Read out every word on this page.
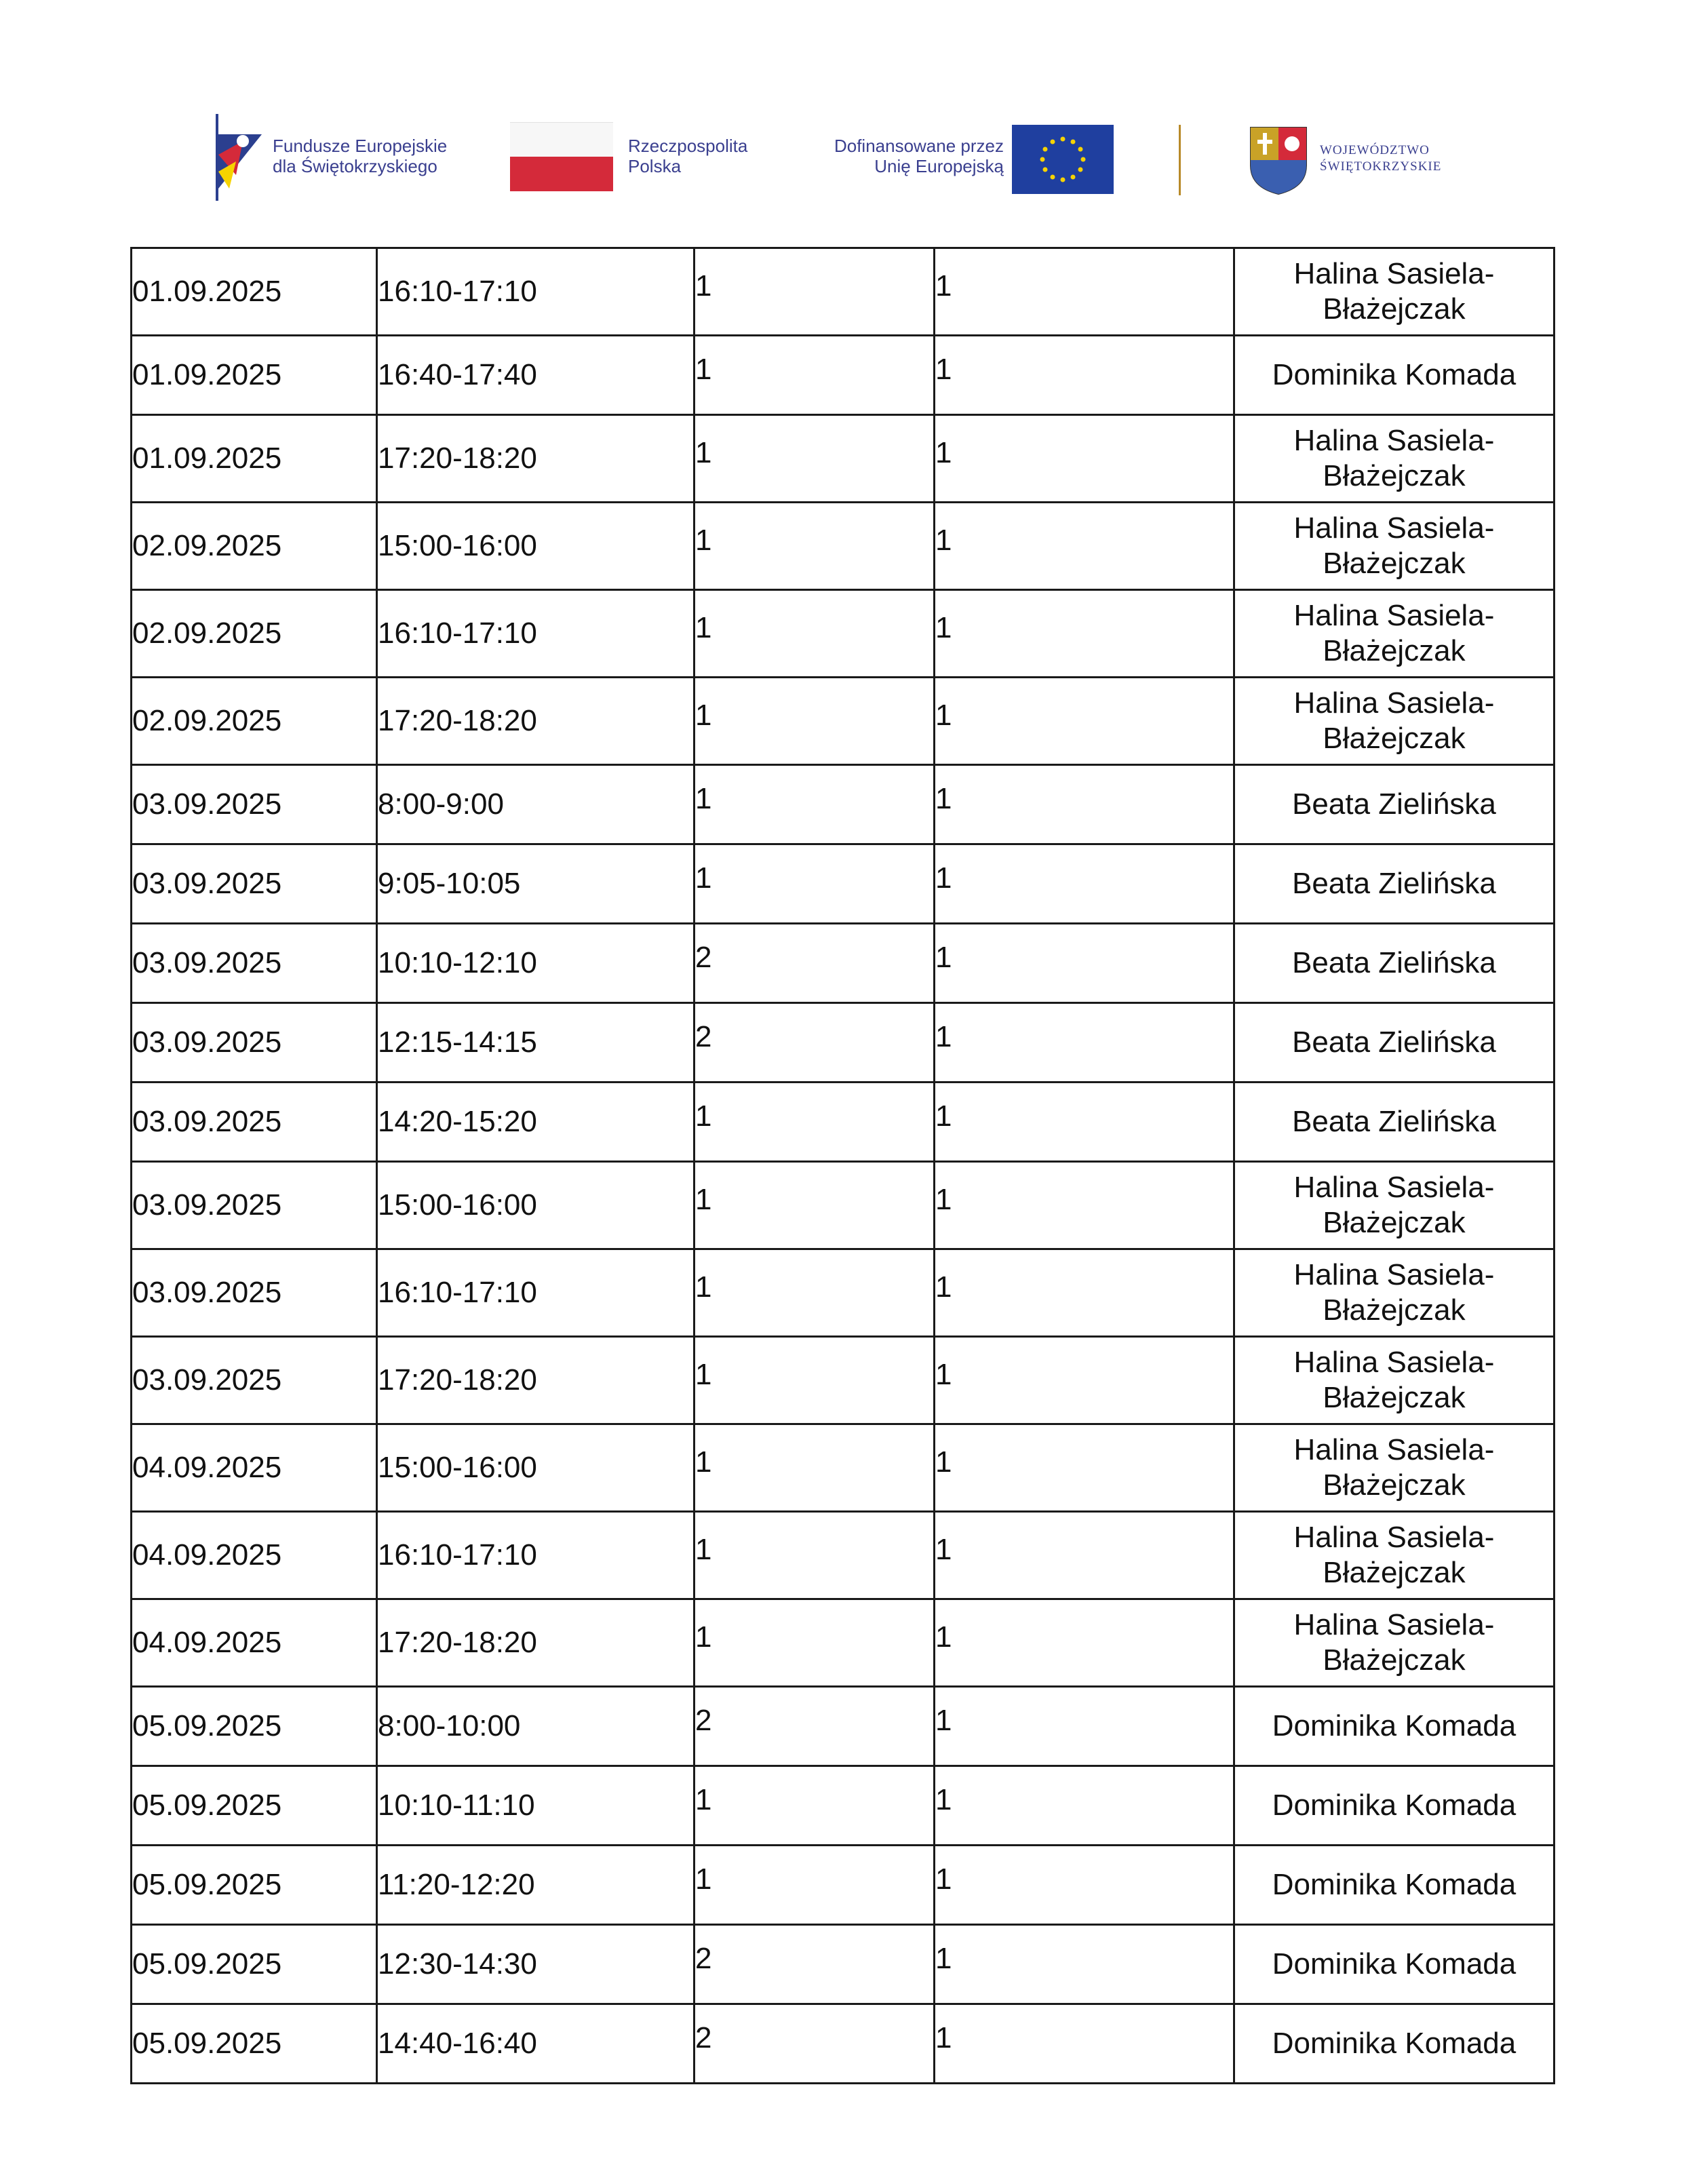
Fundusze Europejskie
dla Świętokrzyskiego
Rzeczpospolita
Polska
Dofinansowane przez
Unię Europejską
WOJEWÓDZTWO
ŚWIĘTOKRZYSKIE
01.09.2025	16:10-17:10	1	1	Halina Sasiela-
Błażejczak

01.09.2025	16:40-17:40	1	1	Dominika Komada

01.09.2025	17:20-18:20	1	1	Halina Sasiela-
Błażejczak

02.09.2025	15:00-16:00	1	1	Halina Sasiela-
Błażejczak

02.09.2025	16:10-17:10	1	1	Halina Sasiela-
Błażejczak

02.09.2025	17:20-18:20	1	1	Halina Sasiela-
Błażejczak

03.09.2025	8:00-9:00	1	1	Beata Zielińska

03.09.2025	9:05-10:05	1	1	Beata Zielińska

03.09.2025	10:10-12:10	2	1	Beata Zielińska

03.09.2025	12:15-14:15	2	1	Beata Zielińska

03.09.2025	14:20-15:20	1	1	Beata Zielińska

03.09.2025	15:00-16:00	1	1	Halina Sasiela-
Błażejczak

03.09.2025	16:10-17:10	1	1	Halina Sasiela-
Błażejczak

03.09.2025	17:20-18:20	1	1	Halina Sasiela-
Błażejczak

04.09.2025	15:00-16:00	1	1	Halina Sasiela-
Błażejczak

04.09.2025	16:10-17:10	1	1	Halina Sasiela-
Błażejczak

04.09.2025	17:20-18:20	1	1	Halina Sasiela-
Błażejczak

05.09.2025	8:00-10:00	2	1	Dominika Komada

05.09.2025	10:10-11:10	1	1	Dominika Komada

05.09.2025	11:20-12:20	1	1	Dominika Komada

05.09.2025	12:30-14:30	2	1	Dominika Komada

05.09.2025	14:40-16:40	2	1	Dominika Komada
